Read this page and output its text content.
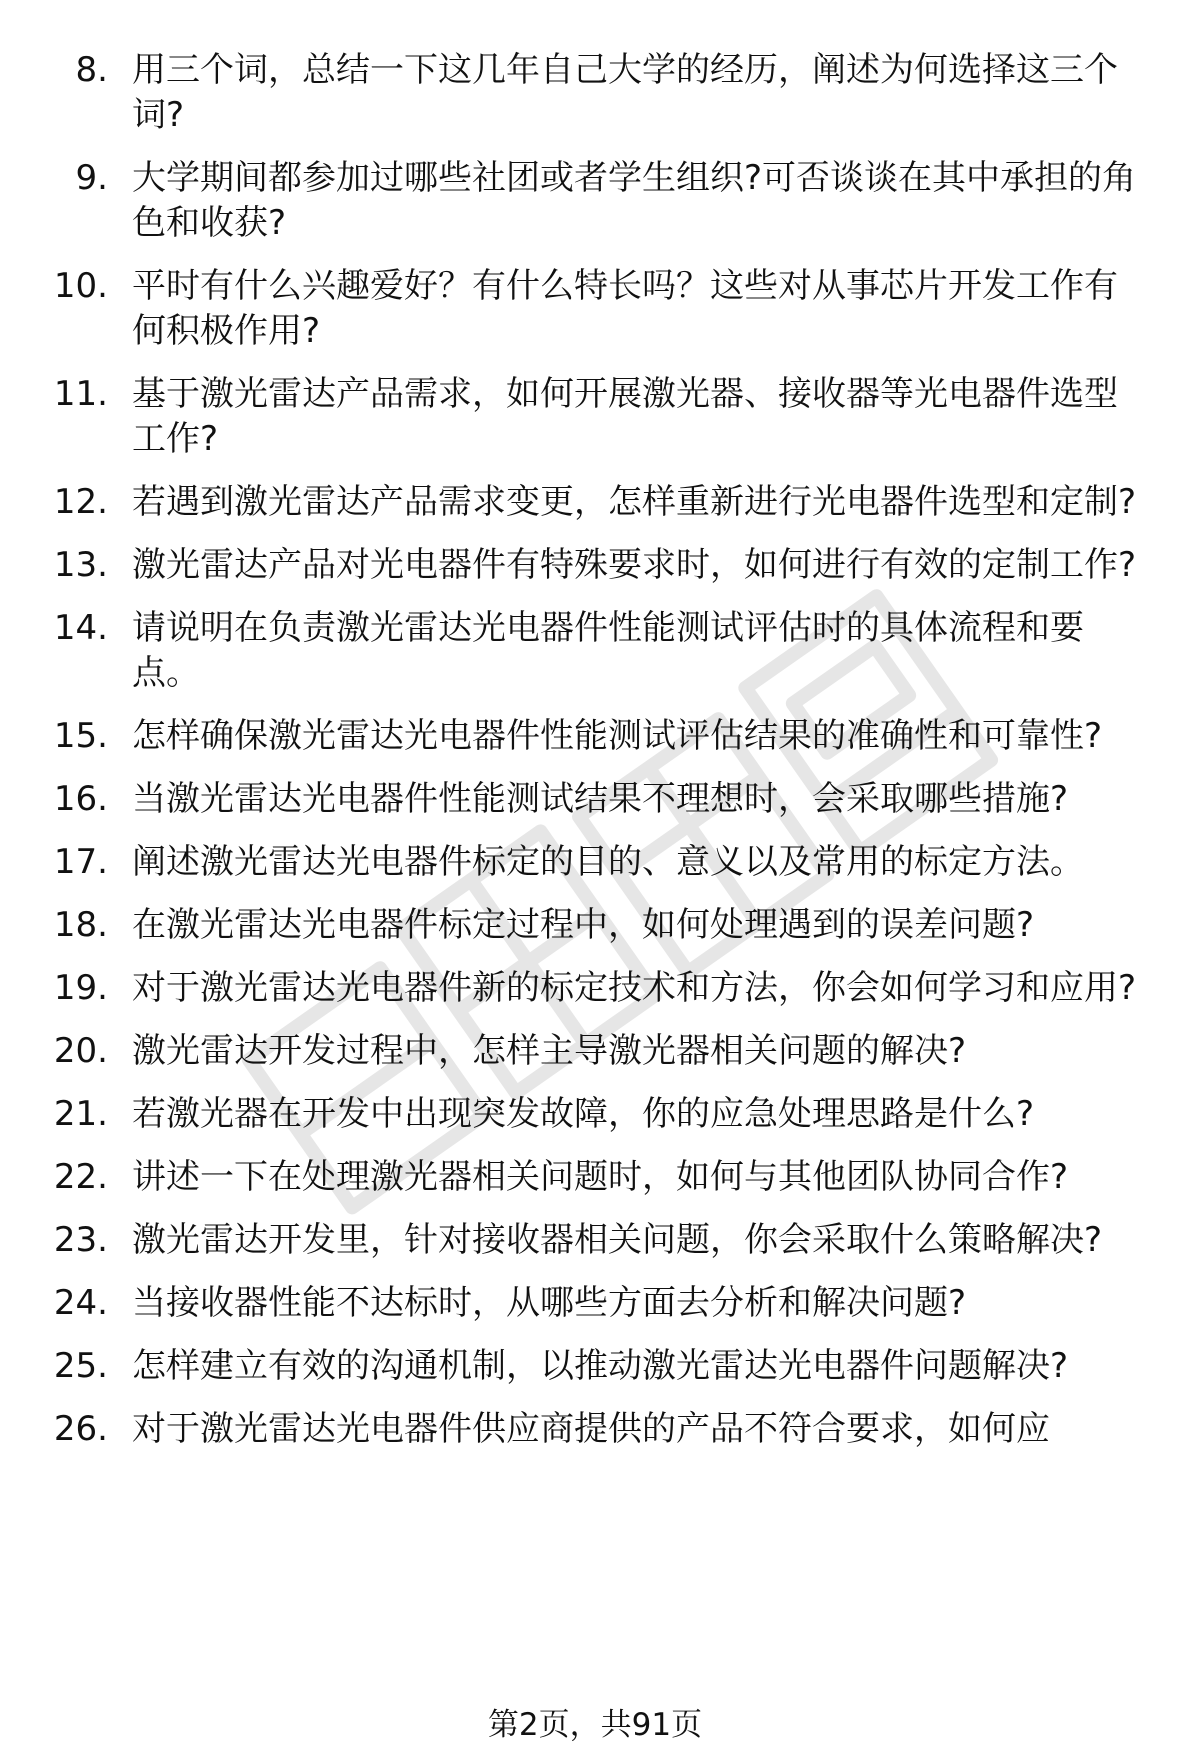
8. 用三个词，总结一下这几年自己大学的经历，阐述为何选择这三个词?
9. 大学期间都参加过哪些社团或者学生组织?可否谈谈在其中承担的角色和收获?
10. 平时有什么兴趣爱好？有什么特长吗？这些对从事芯片开发工作有何积极作用?
11. 基于激光雷达产品需求，如何开展激光器、接收器等光电器件选型工作?
12. 若遇到激光雷达产品需求变更，怎样重新进行光电器件选型和定制?
13. 激光雷达产品对光电器件有特殊要求时，如何进行有效的定制工作?
14. 请说明在负责激光雷达光电器件性能测试评估时的具体流程和要点。
15. 怎样确保激光雷达光电器件性能测试评估结果的准确性和可靠性?
16. 当激光雷达光电器件性能测试结果不理想时，会采取哪些措施?
17. 阐述激光雷达光电器件标定的目的、意义以及常用的标定方法。
18. 在激光雷达光电器件标定过程中，如何处理遇到的误差问题?
19. 对于激光雷达光电器件新的标定技术和方法，你会如何学习和应用?
20. 激光雷达开发过程中，怎样主导激光器相关问题的解决?
21. 若激光器在开发中出现突发故障，你的应急处理思路是什么?
22. 讲述一下在处理激光器相关问题时，如何与其他团队协同合作?
23. 激光雷达开发里，针对接收器相关问题，你会采取什么策略解决?
24. 当接收器性能不达标时，从哪些方面去分析和解决问题?
25. 怎样建立有效的沟通机制，以推动激光雷达光电器件问题解决?
26. 对于激光雷达光电器件供应商提供的产品不符合要求，如何应
第2页，共91页
